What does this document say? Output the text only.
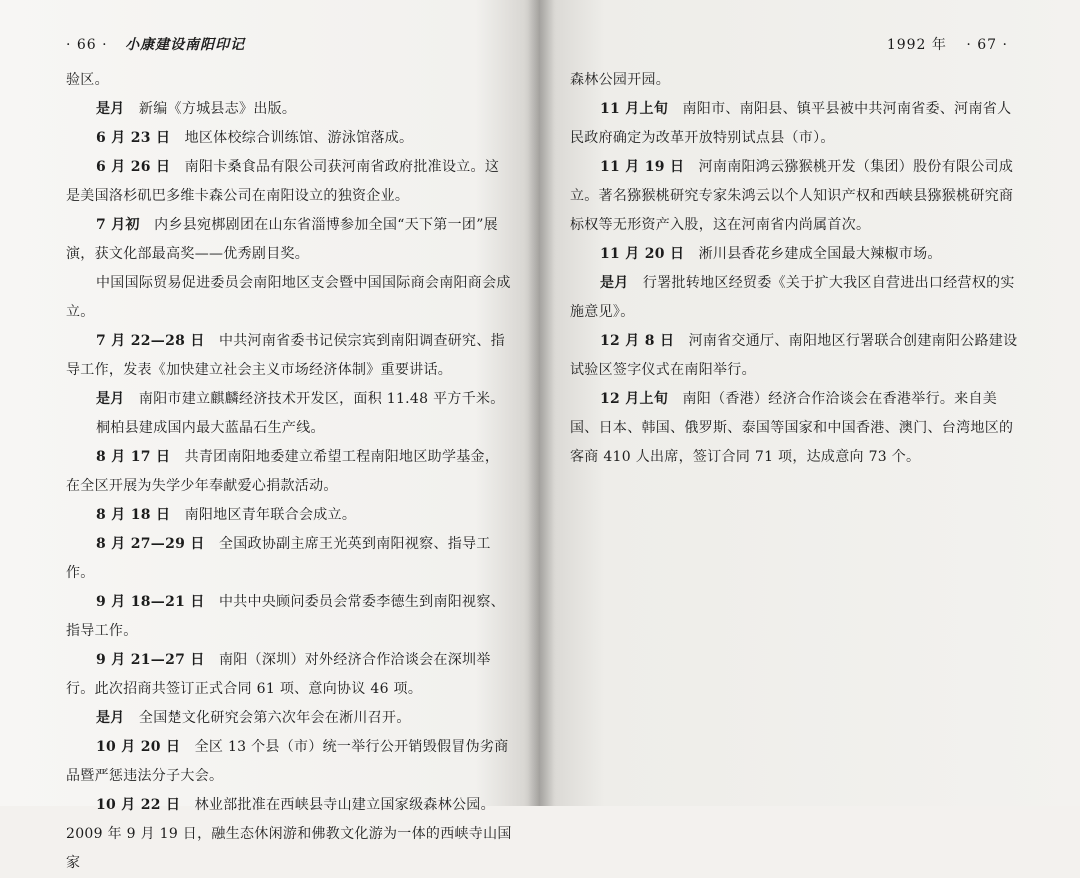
· 66 · 小康建设南阳印记

验区。

是月　 新编《方城县志》出版。

6 月 23 日　 地区体校综合训练馆、游泳馆落成。

6 月 26 日　 南阳卡桑食品有限公司获河南省政府批准设立。这是美国洛杉矶巴多维卡森公司在南阳设立的独资企业。

7 月初　 内乡县宛梆剧团在山东省淄博参加全国“天下第一团”展演，获文化部最高奖——优秀剧目奖。

中国国际贸易促进委员会南阳地区支会暨中国国际商会南阳商会成立。

7 月 22—28 日　 中共河南省委书记侯宗宾到南阳调查研究、指导工作，发表《加快建立社会主义市场经济体制》重要讲话。

是月　 南阳市建立麒麟经济技术开发区，面积 11.48 平方千米。

桐柏县建成国内最大蓝晶石生产线。

8 月 17 日　 共青团南阳地委建立希望工程南阳地区助学基金，在全区开展为失学少年奉献爱心捐款活动。

8 月 18 日　 南阳地区青年联合会成立。

8 月 27—29 日　 全国政协副主席王光英到南阳视察、指导工作。

9 月 18—21 日　 中共中央顾问委员会常委李德生到南阳视察、指导工作。

9 月 21—27 日　 南阳（深圳）对外经济合作洽谈会在深圳举行。此次招商共签订正式合同 61 项、意向协议 46 项。

是月　 全国楚文化研究会第六次年会在淅川召开。

10 月 20 日　 全区 13 个县（市）统一举行公开销毁假冒伪劣商品暨严惩违法分子大会。

10 月 22 日　 林业部批准在西峡县寺山建立国家级森林公园。2009 年 9 月 19 日，融生态休闲游和佛教文化游为一体的西峡寺山国家

1992 年 · 67 ·

森林公园开园。

11 月上旬　 南阳市、南阳县、镇平县被中共河南省委、河南省人民政府确定为改革开放特别试点县（市）。

11 月 19 日　 河南南阳鸿云猕猴桃开发（集团）股份有限公司成立。著名猕猴桃研究专家朱鸿云以个人知识产权和西峡县猕猴桃研究商标权等无形资产入股，这在河南省内尚属首次。

11 月 20 日　 淅川县香花乡建成全国最大辣椒市场。

是月　 行署批转地区经贸委《关于扩大我区自营进出口经营权的实施意见》。

12 月 8 日　 河南省交通厅、南阳地区行署联合创建南阳公路建设试验区签字仪式在南阳举行。

12 月上旬　 南阳（香港）经济合作洽谈会在香港举行。来自美国、日本、韩国、俄罗斯、泰国等国家和中国香港、澳门、台湾地区的客商 410 人出席，签订合同 71 项，达成意向 73 个。
